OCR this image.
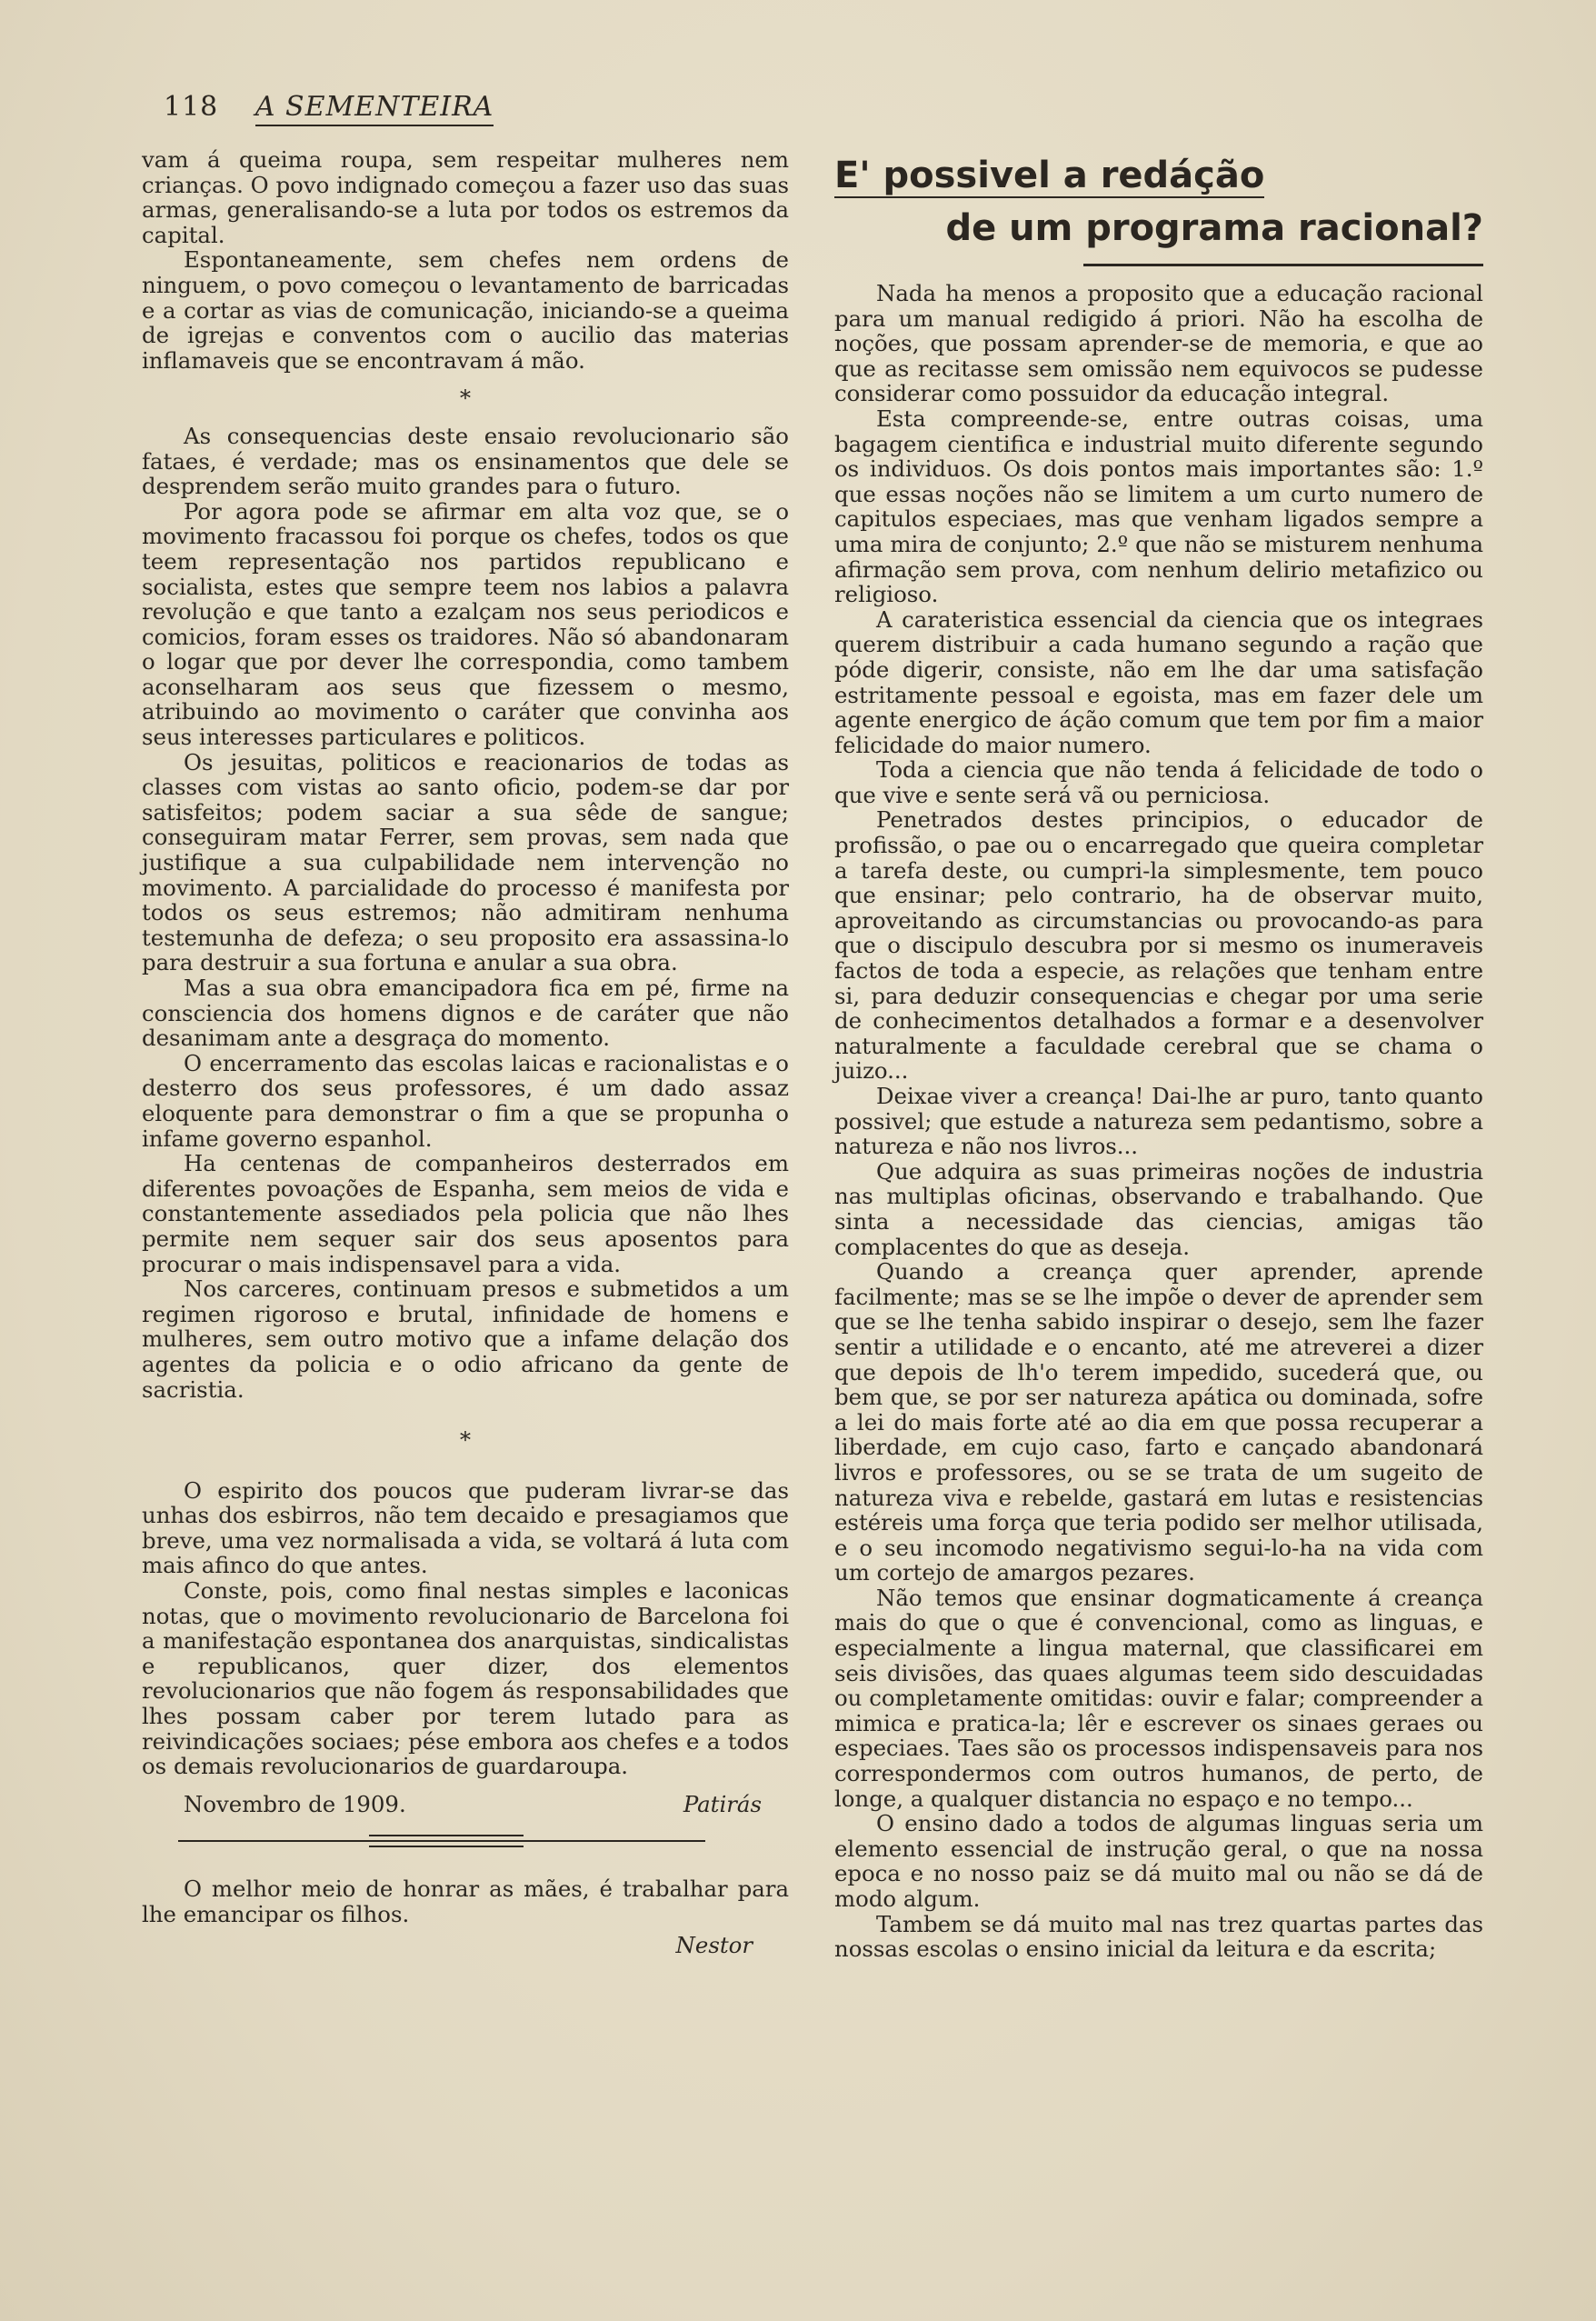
118 A SEMENTEIRA

vam á queima roupa, sem respeitar mulheres nem crianças. O povo indignado começou a fazer uso das suas armas, generalisando-se a luta por todos os estremos da capital.

Espontaneamente, sem chefes nem ordens de ninguem, o povo começou o levantamento de barricadas e a cortar as vias de comunicação, iniciando-se a queima de igrejas e conventos com o aucilio das materias inflamaveis que se encontravam á mão.

*

As consequencias deste ensaio revolucionario são fataes, é verdade; mas os ensinamentos que dele se desprendem serão muito grandes para o futuro.

Por agora pode se afirmar em alta voz que, se o movimento fracassou foi porque os chefes, todos os que teem representação nos partidos republicano e socialista, estes que sempre teem nos labios a palavra revolução e que tanto a ezalçam nos seus periodicos e comicios, foram esses os traidores. Não só abandonaram o logar que por dever lhe correspondia, como tambem aconselharam aos seus que fizessem o mesmo, atribuindo ao movimento o caráter que convinha aos seus interesses particulares e politicos.

Os jesuitas, politicos e reacionarios de todas as classes com vistas ao santo oficio, podem-se dar por satisfeitos; podem saciar a sua sêde de sangue; conseguiram matar Ferrer, sem provas, sem nada que justifique a sua culpabilidade nem intervenção no movimento. A parcialidade do processo é manifesta por todos os seus estremos; não admitiram nenhuma testemunha de defeza; o seu proposito era assassina-lo para destruir a sua fortuna e anular a sua obra.

Mas a sua obra emancipadora fica em pé, firme na consciencia dos homens dignos e de caráter que não desanimam ante a desgraça do momento.

O encerramento das escolas laicas e racionalistas e o desterro dos seus professores, é um dado assaz eloquente para demonstrar o fim a que se propunha o infame governo espanhol.

Ha centenas de companheiros desterrados em diferentes povoações de Espanha, sem meios de vida e constantemente assediados pela policia que não lhes permite nem sequer sair dos seus aposentos para procurar o mais indispensavel para a vida.

Nos carceres, continuam presos e submetidos a um regimen rigoroso e brutal, infinidade de homens e mulheres, sem outro motivo que a infame delação dos agentes da policia e o odio africano da gente de sacristia.

*

O espirito dos poucos que puderam livrar-se das unhas dos esbirros, não tem decaido e presagiamos que breve, uma vez normalisada a vida, se voltará á luta com mais afinco do que antes.

Conste, pois, como final nestas simples e laconicas notas, que o movimento revolucionario de Barcelona foi a manifestação espontanea dos anarquistas, sindicalistas e republicanos, quer dizer, dos elementos revolucionarios que não fogem ás responsabilidades que lhes possam caber por terem lutado para as reivindicações sociaes; pése embora aos chefes e a todos os demais revolucionarios de guardaroupa.

Novembro de 1909.	Patirás

O melhor meio de honrar as mães, é trabalhar para lhe emancipar os filhos.

Nestor
E' possivel a redáção
de um programa racional?

Nada ha menos a proposito que a educação racional para um manual redigido á priori. Não ha escolha de noções, que possam aprender-se de memoria, e que ao que as recitasse sem omissão nem equivocos se pudesse considerar como possuidor da educação integral.

Esta compreende-se, entre outras coisas, uma bagagem cientifica e industrial muito diferente segundo os individuos. Os dois pontos mais importantes são: 1.º que essas noções não se limitem a um curto numero de capitulos especiaes, mas que venham ligados sempre a uma mira de conjunto; 2.º que não se misturem nenhuma afirmação sem prova, com nenhum delirio metafizico ou religioso.

A carateristica essencial da ciencia que os integraes querem distribuir a cada humano segundo a ração que póde digerir, consiste, não em lhe dar uma satisfação estritamente pessoal e egoista, mas em fazer dele um agente energico de áção comum que tem por fim a maior felicidade do maior numero.

Toda a ciencia que não tenda á felicidade de todo o que vive e sente será vã ou perniciosa.

Penetrados destes principios, o educador de profissão, o pae ou o encarregado que queira completar a tarefa deste, ou cumpri-la simplesmente, tem pouco que ensinar; pelo contrario, ha de observar muito, aproveitando as circumstancias ou provocando-as para que o discipulo descubra por si mesmo os inumeraveis factos de toda a especie, as relações que tenham entre si, para deduzir consequencias e chegar por uma serie de conhecimentos detalhados a formar e a desenvolver naturalmente a faculdade cerebral que se chama o juizo...

Deixae viver a creança! Dai-lhe ar puro, tanto quanto possivel; que estude a natureza sem pedantismo, sobre a natureza e não nos livros...

Que adquira as suas primeiras noções de industria nas multiplas oficinas, observando e trabalhando. Que sinta a necessidade das ciencias, amigas tão complacentes do que as deseja.

Quando a creança quer aprender, aprende facilmente; mas se se lhe impõe o dever de aprender sem que se lhe tenha sabido inspirar o desejo, sem lhe fazer sentir a utilidade e o encanto, até me atreverei a dizer que depois de lh'o terem impedido, sucederá que, ou bem que, se por ser natureza apática ou dominada, sofre a lei do mais forte até ao dia em que possa recuperar a liberdade, em cujo caso, farto e cançado abandonará livros e professores, ou se se trata de um sugeito de natureza viva e rebelde, gastará em lutas e resistencias estéreis uma força que teria podido ser melhor utilisada, e o seu incomodo negativismo segui-lo-ha na vida com um cortejo de amargos pezares.

Não temos que ensinar dogmaticamente á creança mais do que o que é convencional, como as linguas, e especialmente a lingua maternal, que classificarei em seis divisões, das quaes algumas teem sido descuidadas ou completamente omitidas: ouvir e falar; compreender a mimica e pratica-la; lêr e escrever os sinaes geraes ou especiaes. Taes são os processos indispensaveis para nos correspondermos com outros humanos, de perto, de longe, a qualquer distancia no espaço e no tempo...

O ensino dado a todos de algumas linguas seria um elemento essencial de instrução geral, o que na nossa epoca e no nosso paiz se dá muito mal ou não se dá de modo algum.

Tambem se dá muito mal nas trez quartas partes das nossas escolas o ensino inicial da leitura e da escrita;
